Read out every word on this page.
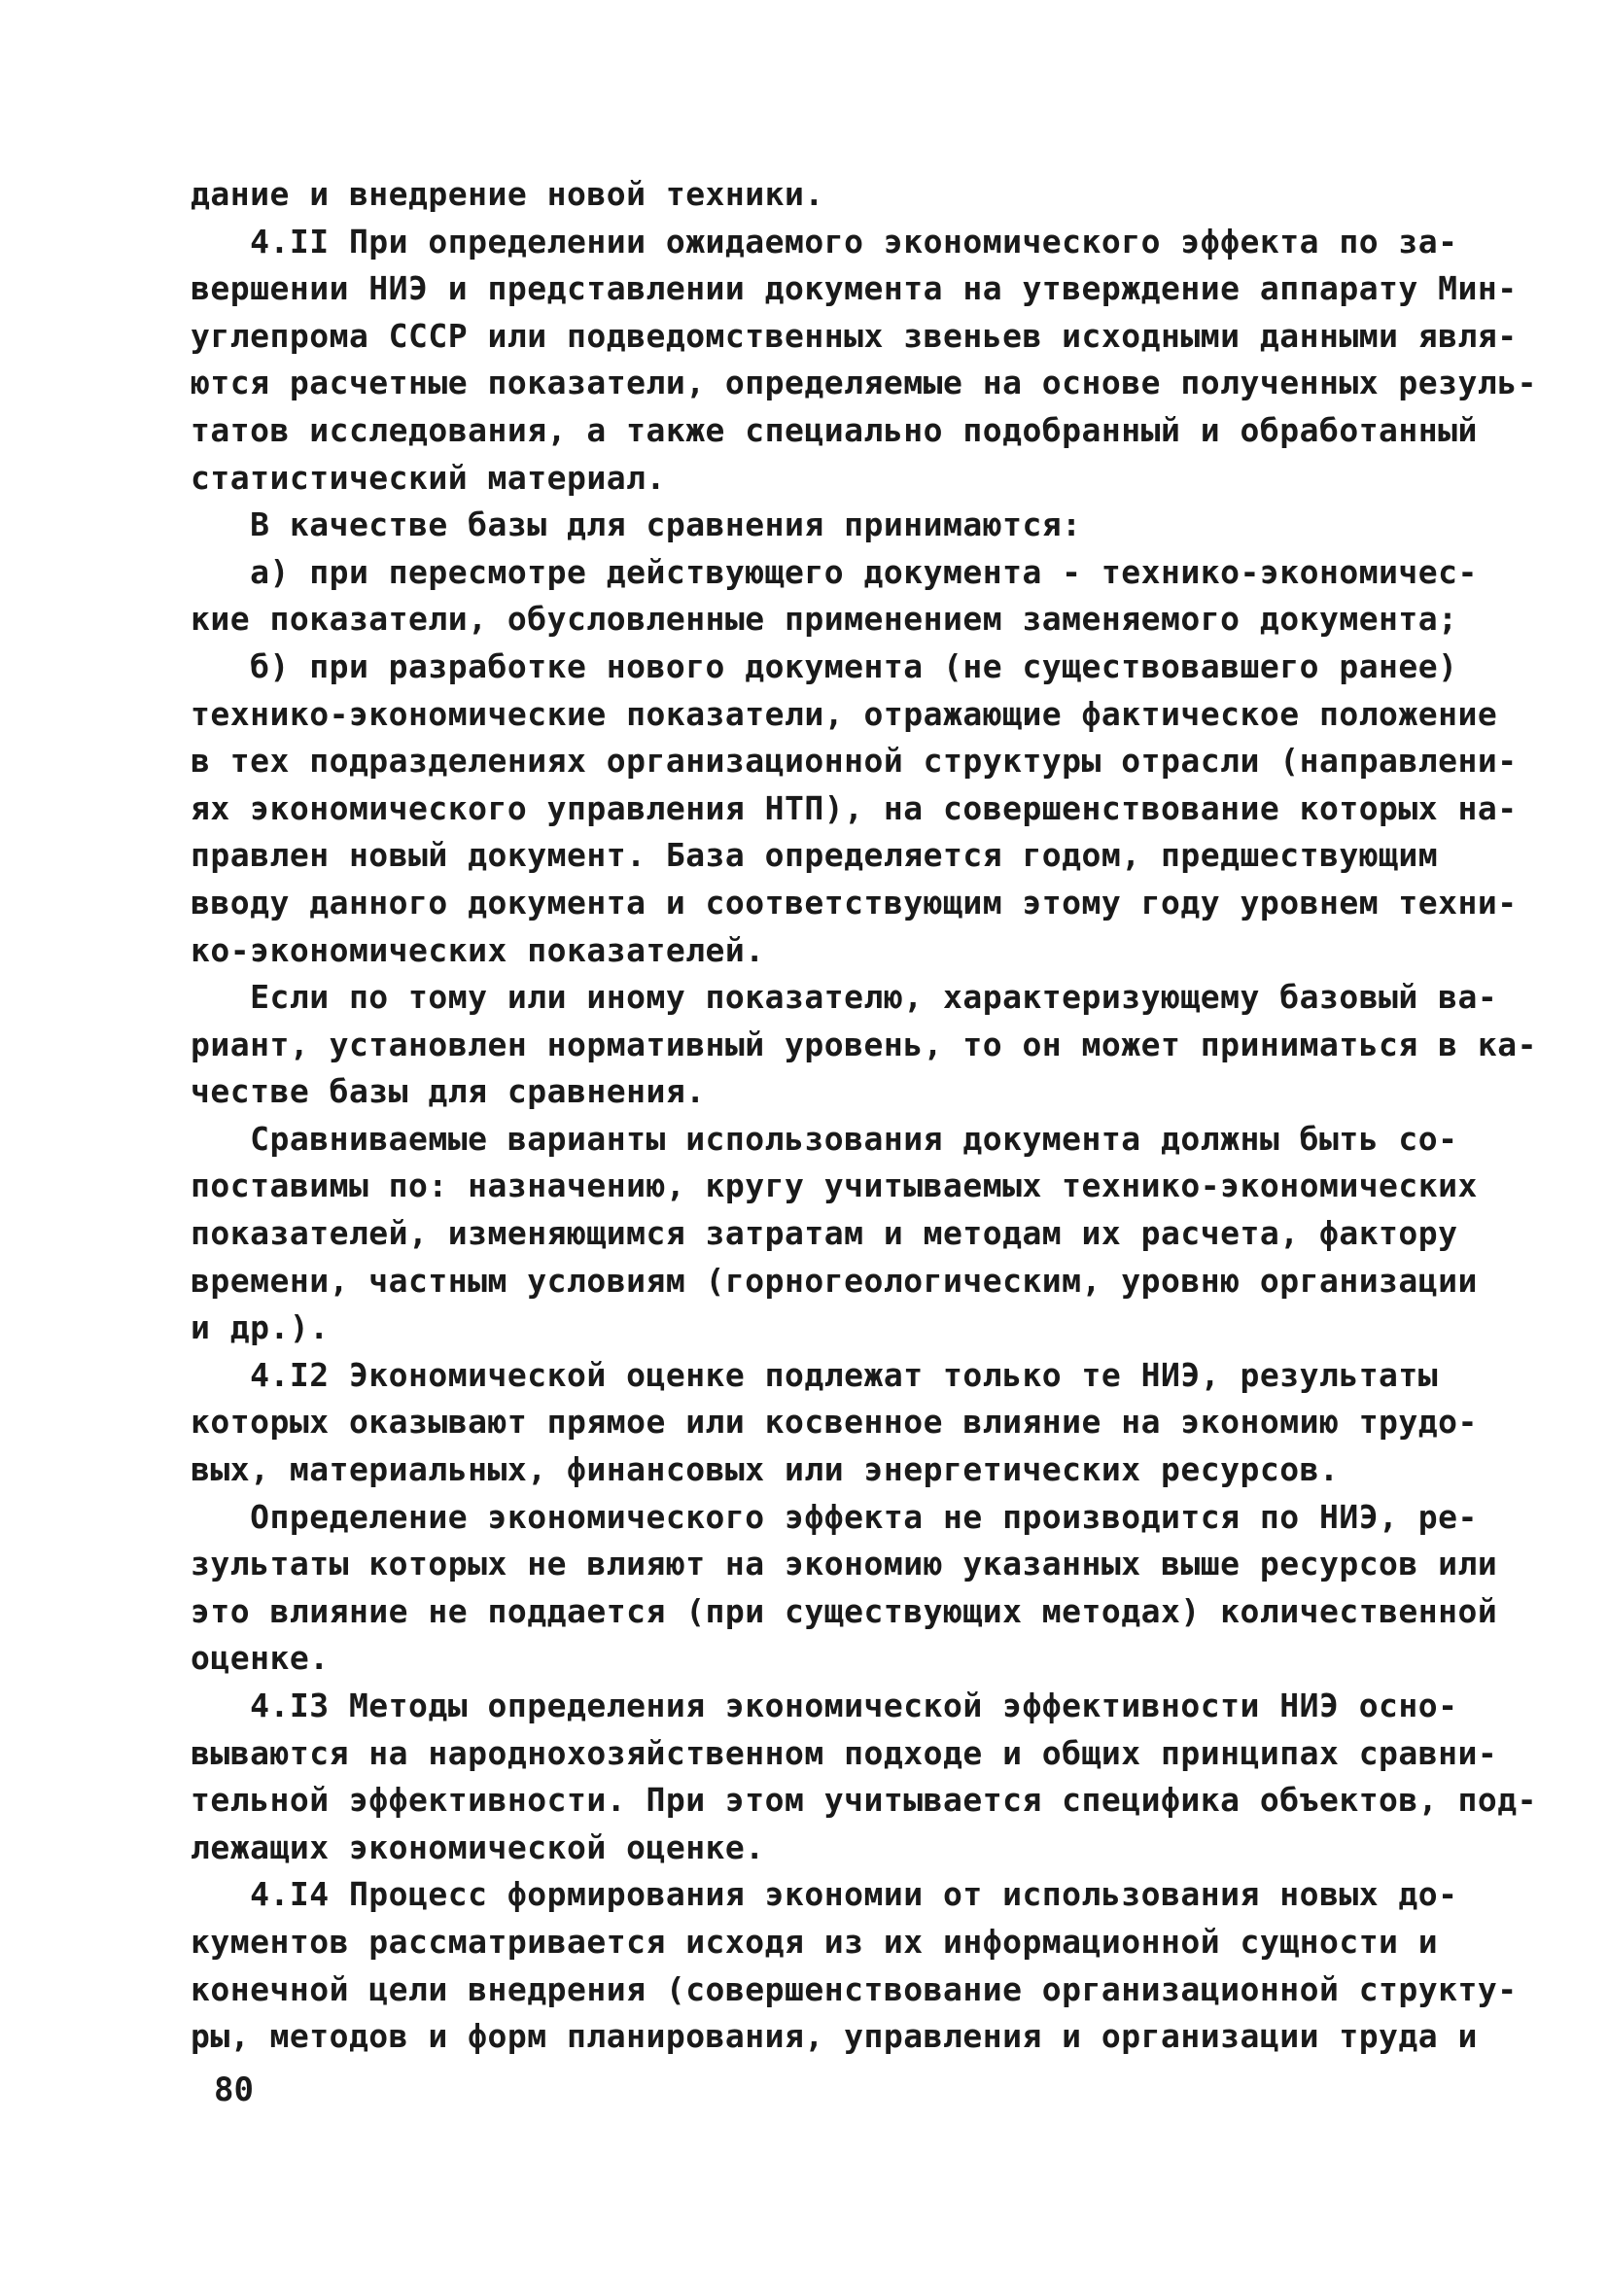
дание и внедрение новой техники.
4.II При определении ожидаемого экономического эффекта по за-
вершении НИЭ и представлении документа на утверждение аппарату Мин-
углепрома СССР или подведомственных звеньев исходными данными явля-
ются расчетные показатели, определяемые на основе полученных резуль-
татов исследования, а также специально подобранный и обработанный
статистический материал.
В качестве базы для сравнения принимаются:
а) при пересмотре действующего документа - технико-экономичес-
кие показатели, обусловленные применением заменяемого документа;
б) при разработке нового документа (не существовавшего ранее)
технико-экономические показатели, отражающие фактическое положение
в тех подразделениях организационной структуры отрасли (направлени-
ях экономического управления НТП), на совершенствование которых на-
правлен новый документ. База определяется годом, предшествующим
вводу данного документа и соответствующим этому году уровнем техни-
ко-экономических показателей.
Если по тому или иному показателю, характеризующему базовый ва-
риант, установлен нормативный уровень, то он может приниматься в ка-
честве базы для сравнения.
Сравниваемые варианты использования документа должны быть со-
поставимы по: назначению, кругу учитываемых технико-экономических
показателей, изменяющимся затратам и методам их расчета, фактору
времени, частным условиям (горногеологическим, уровню организации
и др.).
4.I2 Экономической оценке подлежат только те НИЭ, результаты
которых оказывают прямое или косвенное влияние на экономию трудо-
вых, материальных, финансовых или энергетических ресурсов.
Определение экономического эффекта не производится по НИЭ, ре-
зультаты которых не влияют на экономию указанных выше ресурсов или
это влияние не поддается (при существующих методах) количественной
оценке.
4.I3 Методы определения экономической эффективности НИЭ осно-
вываются на народнохозяйственном подходе и общих принципах сравни-
тельной эффективности. При этом учитывается специфика объектов, под-
лежащих экономической оценке.
4.I4 Процесс формирования экономии от использования новых до-
кументов рассматривается исходя из их информационной сущности и
конечной цели внедрения (совершенствование организационной структу-
ры, методов и форм планирования, управления и организации труда и
80
